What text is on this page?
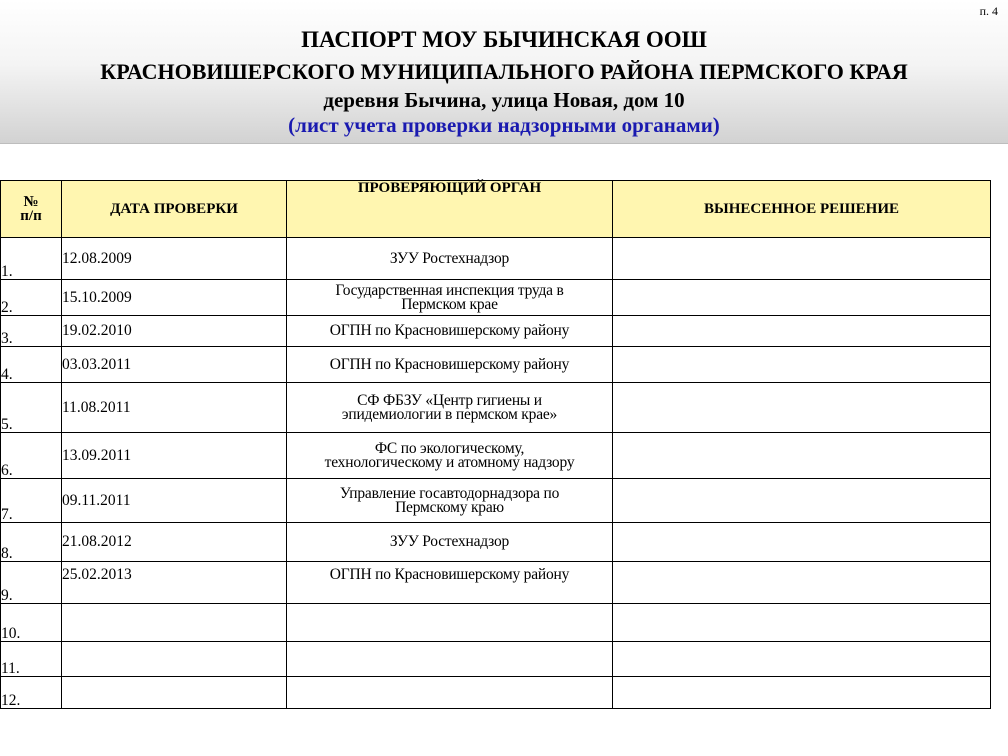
п. 4
ПАСПОРТ МОУ БЫЧИНСКАЯ ООШ
КРАСНОВИШЕРСКОГО МУНИЦИПАЛЬНОГО РАЙОНА ПЕРМСКОГО КРАЯ
деревня Бычина, улица Новая, дом 10
(лист учета проверки надзорными органами)
№
п/п	ДАТА ПРОВЕРКИ	ПРОВЕРЯЮЩИЙ ОРГАН	ВЫНЕСЕННОЕ РЕШЕНИЕ
1.	12.08.2009	ЗУУ Ростехнадзор	

2.	15.10.2009	Государственная инспекция труда в
Пермском крае	

3.	19.02.2010	ОГПН по Красновишерскому району	

4.	03.03.2011	ОГПН по Красновишерскому району	

5.	11.08.2011	СФ ФБЗУ «Центр гигиены и
эпидемиологии в пермском крае»	

6.	13.09.2011	ФС по экологическому,
технологическому и атомному надзору	

7.	09.11.2011	Управление госавтодорнадзора по
Пермскому краю	

8.	21.08.2012	ЗУУ Ростехнадзор	

9.	25.02.2013	ОГПН по Красновишерскому району	

10.			
11.			
12.			
